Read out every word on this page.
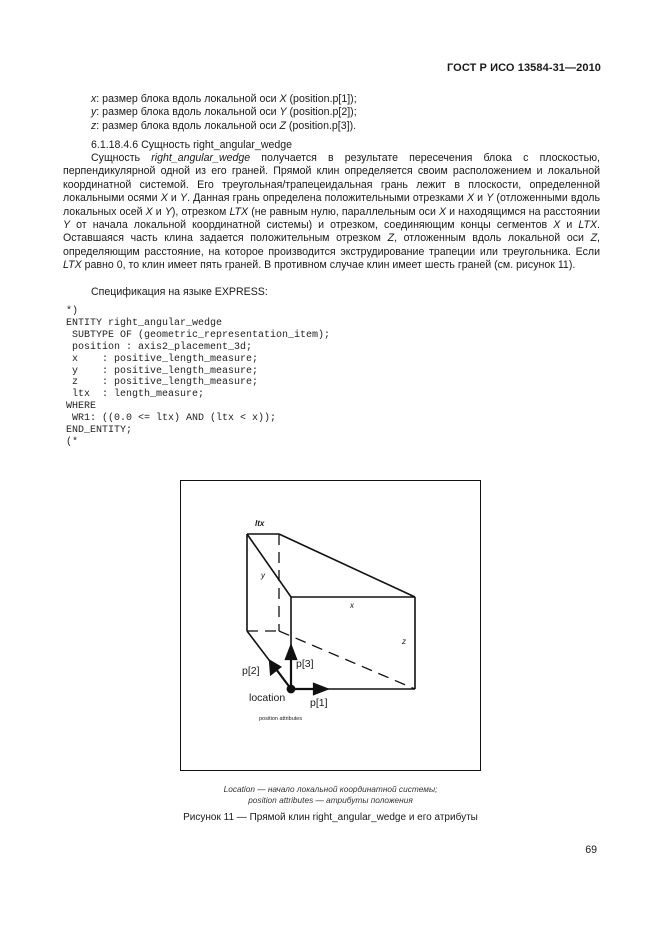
ГОСТ Р ИСО 13584-31—2010
x: размер блока вдоль локальной оси X (position.p[1]);
y: размер блока вдоль локальной оси Y (position.p[2]);
z: размер блока вдоль локальной оси Z (position.p[3]).
6.1.18.4.6 Сущность right_angular_wedge
Сущность right_angular_wedge получается в результате пересечения блока с плоскостью, перпендикулярной одной из его граней. Прямой клин определяется своим расположением и локальной координатной системой. Его треугольная/трапецеидальная грань лежит в плоскости, определенной локальными осями X и Y. Данная грань определена положительными отрезками X и Y (отложенными вдоль локальных осей X и Y), отрезком LTX (не равным нулю, параллельным оси X и находящимся на расстоянии Y от начала локальной координатной системы) и отрезком, соединяющим концы сегментов X и LTX. Оставшаяся часть клина задается положительным отрезком Z, отложенным вдоль локальной оси Z, определяющим расстояние, на которое производится экструдирование трапеции или треугольника. Если LTX равно 0, то клин имеет пять граней. В противном случае клин имеет шесть граней (см. рисунок 11).
Спецификация на языке EXPRESS:
*)
ENTITY right_angular_wedge
SUBTYPE OF (geometric_representation_item);
position : axis2_placement_3d;
x    : positive_length_measure;
y    : positive_length_measure;
z    : positive_length_measure;
ltx  : length_measure;
WHERE
WR1: ((0.0 <= ltx) AND (ltx < x));
END_ENTITY;
(*
ltx
y
x
z
p[3]
p[2]
location p[1]
position attributes
Location — начало локальной координатной системы;
position attributes — атрибуты положения
Рисунок 11 — Прямой клин right_angular_wedge и его атрибуты
69
